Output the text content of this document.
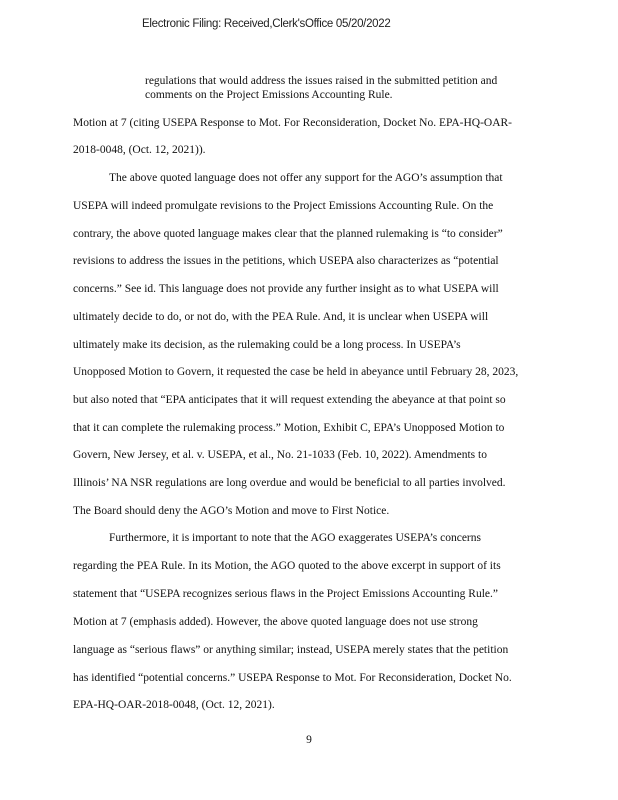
Electronic Filing: Received,Clerk'sOffice 05/20/2022
regulations that would address the issues raised in the submitted petition and
comments on the Project Emissions Accounting Rule.
Motion at 7 (citing USEPA Response to Mot. For Reconsideration, Docket No. EPA-HQ-OAR-
2018-0048, (Oct. 12, 2021)).
The above quoted language does not offer any support for the AGO’s assumption that
USEPA will indeed promulgate revisions to the Project Emissions Accounting Rule. On the
contrary, the above quoted language makes clear that the planned rulemaking is “to consider”
revisions to address the issues in the petitions, which USEPA also characterizes as “potential
concerns.” See id. This language does not provide any further insight as to what USEPA will
ultimately decide to do, or not do, with the PEA Rule. And, it is unclear when USEPA will
ultimately make its decision, as the rulemaking could be a long process. In USEPA’s
Unopposed Motion to Govern, it requested the case be held in abeyance until February 28, 2023,
but also noted that “EPA anticipates that it will request extending the abeyance at that point so
that it can complete the rulemaking process.” Motion, Exhibit C, EPA’s Unopposed Motion to
Govern, New Jersey, et al. v. USEPA, et al., No. 21-1033 (Feb. 10, 2022). Amendments to
Illinois’ NA NSR regulations are long overdue and would be beneficial to all parties involved.
The Board should deny the AGO’s Motion and move to First Notice.
Furthermore, it is important to note that the AGO exaggerates USEPA’s concerns
regarding the PEA Rule. In its Motion, the AGO quoted to the above excerpt in support of its
statement that “USEPA recognizes serious flaws in the Project Emissions Accounting Rule.”
Motion at 7 (emphasis added). However, the above quoted language does not use strong
language as “serious flaws” or anything similar; instead, USEPA merely states that the petition
has identified “potential concerns.” USEPA Response to Mot. For Reconsideration, Docket No.
EPA-HQ-OAR-2018-0048, (Oct. 12, 2021).
9
